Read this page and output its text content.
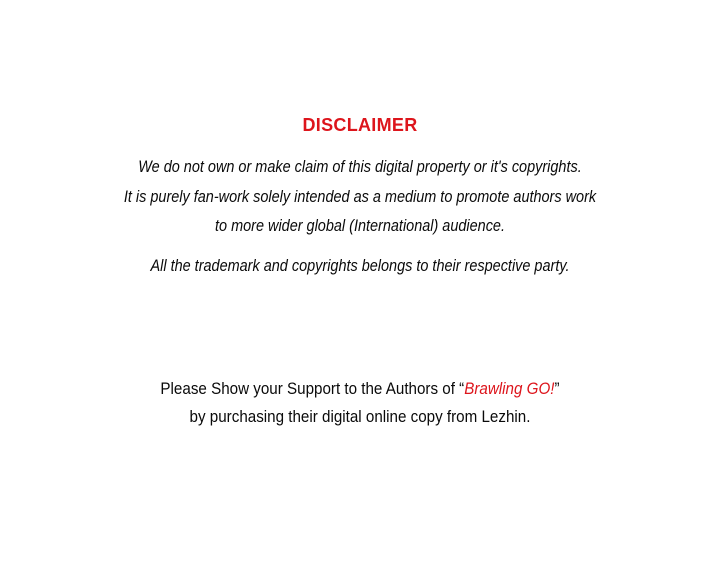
DISCLAIMER
We do not own or make claim of this digital property or it's copyrights.
It is purely fan-work solely intended as a medium to promote authors work
to more wider global (International) audience.
All the trademark and copyrights belongs to their respective party.
Please Show your Support to the Authors of “Brawling GO!”
by purchasing their digital online copy from Lezhin.
